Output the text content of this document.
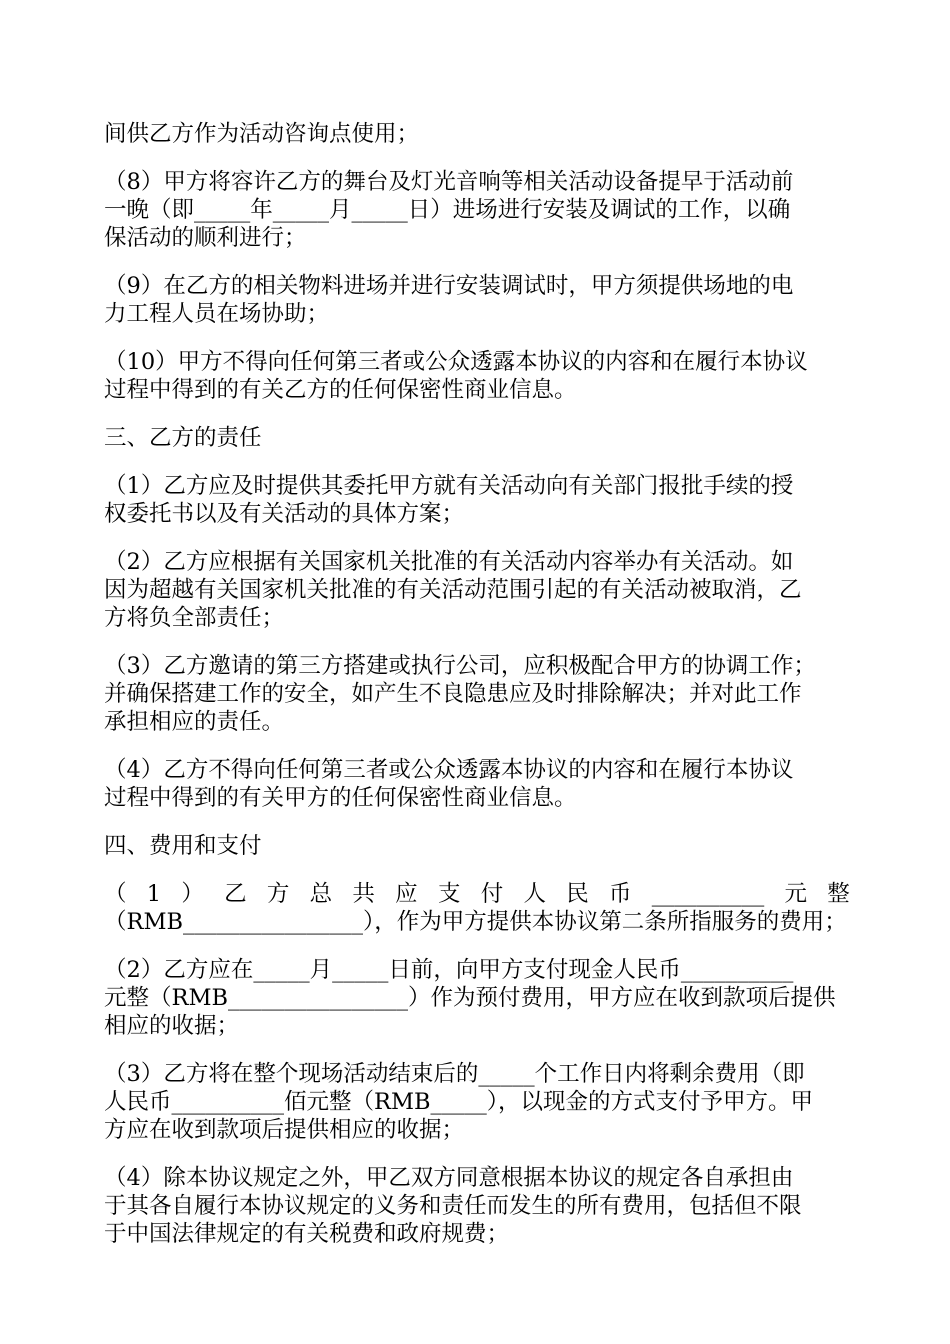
间供乙方作为活动咨询点使用；
（8）甲方将容许乙方的舞台及灯光音响等相关活动设备提早于活动前
一晚（即_____年_____月_____日）进场进行安装及调试的工作，以确
保活动的顺利进行；
（9）在乙方的相关物料进场并进行安装调试时，甲方须提供场地的电
力工程人员在场协助；
（10）甲方不得向任何第三者或公众透露本协议的内容和在履行本协议
过程中得到的有关乙方的任何保密性商业信息。
三、乙方的责任
（1）乙方应及时提供其委托甲方就有关活动向有关部门报批手续的授
权委托书以及有关活动的具体方案；
（2）乙方应根据有关国家机关批准的有关活动内容举办有关活动。如
因为超越有关国家机关批准的有关活动范围引起的有关活动被取消，乙
方将负全部责任；
（3）乙方邀请的第三方搭建或执行公司，应积极配合甲方的协调工作；
并确保搭建工作的安全，如产生不良隐患应及时排除解决；并对此工作
承担相应的责任。
（4）乙方不得向任何第三者或公众透露本协议的内容和在履行本协议
过程中得到的有关甲方的任何保密性商业信息。
四、费用和支付
（ 1 ） 乙 方 总 共 应 支 付 人 民 币 __________ 元 整
（RMB________________），作为甲方提供本协议第二条所指服务的费用；
（2）乙方应在_____月_____日前，向甲方支付现金人民币__________
元整（RMB________________）作为预付费用，甲方应在收到款项后提供
相应的收据；
（3）乙方将在整个现场活动结束后的_____个工作日内将剩余费用（即
人民币__________佰元整（RMB_____），以现金的方式支付予甲方。甲
方应在收到款项后提供相应的收据；
（4）除本协议规定之外，甲乙双方同意根据本协议的规定各自承担由
于其各自履行本协议规定的义务和责任而发生的所有费用，包括但不限
于中国法律规定的有关税费和政府规费；
